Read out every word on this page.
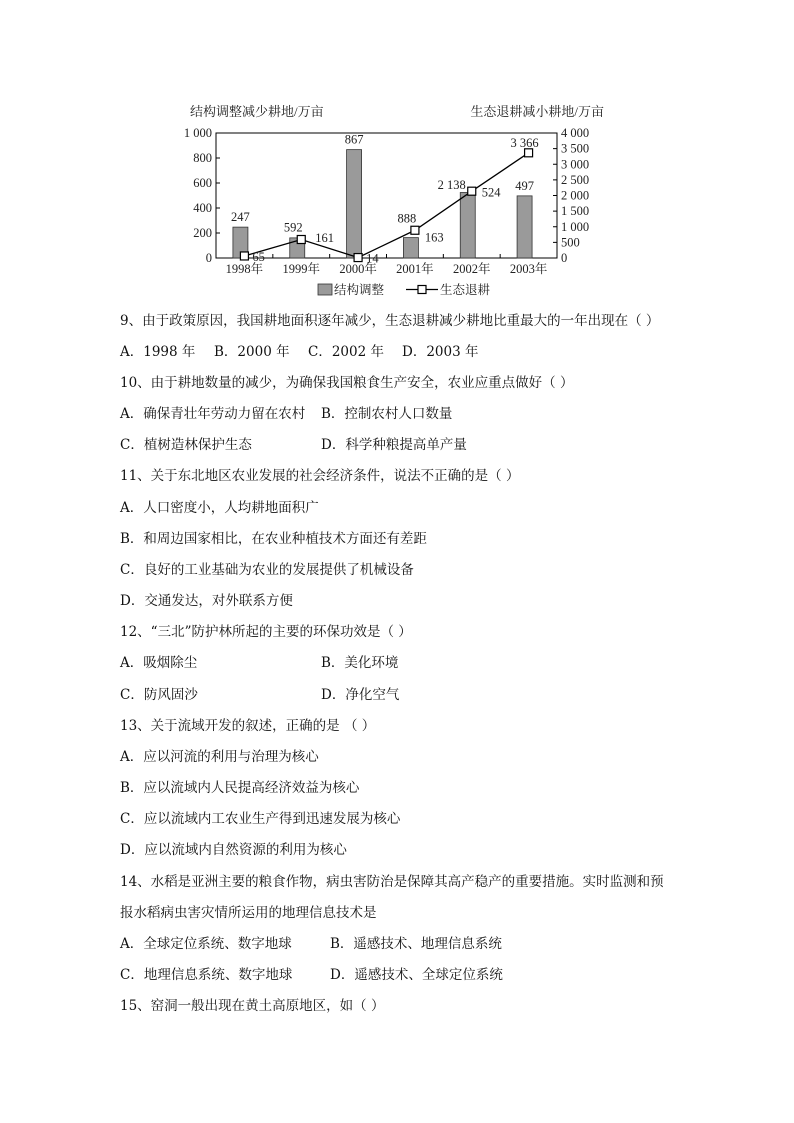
结构调整减少耕地/万亩	生态退耕减小耕地/万亩
1 000
800
600
400
200
0
4 000
3 500
3 000
2 500
2 000
1 500
1 000
500
0
1998年 1999年 2000年 2001年 2002年 2003年
247
161
867
163
524 497
65
592
14
888
2 138
3 366
结构调整	生态退耕
9、由于政策原因，我国耕地面积逐年减少，生态退耕减少耕地比重最大的一年出现在（ ）
A．1998 年 B．2000 年 C．2002 年 D．2003 年
10、由于耕地数量的减少，为确保我国粮食生产安全，农业应重点做好（ ）
A．确保青壮年劳动力留在农村 B．控制农村人口数量
C．植树造林保护生态	D．科学种粮提高单产量
11、关于东北地区农业发展的社会经济条件，说法不正确的是（ ）
A．人口密度小，人均耕地面积广
B．和周边国家相比，在农业种植技术方面还有差距
C．良好的工业基础为农业的发展提供了机械设备
D．交通发达，对外联系方便
12、“三北”防护林所起的主要的环保功效是（ ）
A．吸烟除尘	B．美化环境
C．防风固沙	D．净化空气
13、关于流域开发的叙述，正确的是 （ ）
A．应以河流的利用与治理为核心
B．应以流域内人民提高经济效益为核心
C．应以流域内工农业生产得到迅速发展为核心
D．应以流域内自然资源的利用为核心
14、水稻是亚洲主要的粮食作物，病虫害防治是保障其高产稳产的重要措施。实时监测和预
报水稻病虫害灾情所运用的地理信息技术是
A．全球定位系统、数字地球	B．遥感技术、地理信息系统
C．地理信息系统、数字地球	D．遥感技术、全球定位系统
15、窑洞一般出现在黄土高原地区，如（ ）
